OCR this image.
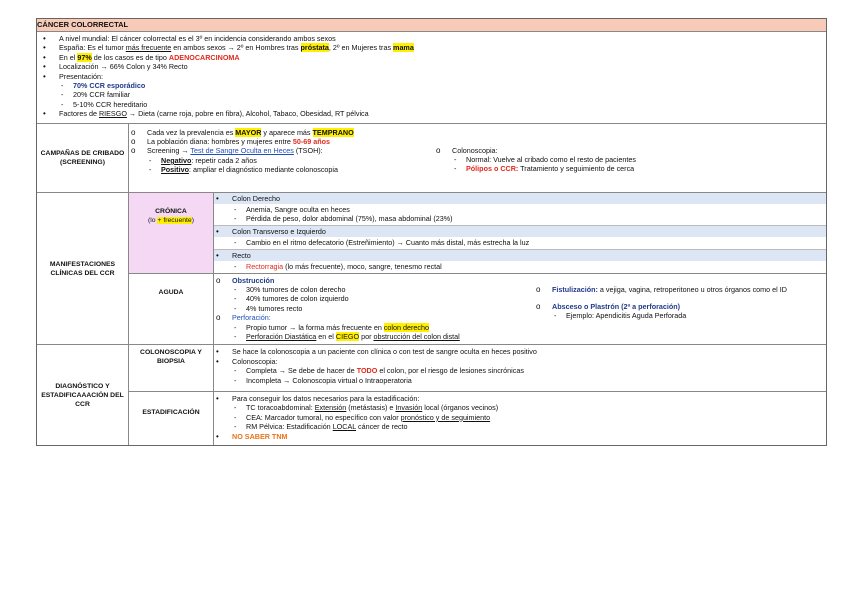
CÁNCER COLORRECTAL
•	A nivel mundial: El cáncer colorrectal es el 3º en incidencia considerando ambos sexos
•	España: Es el tumor más frecuente en ambos sexos → 2º en Hombres tras próstata, 2º en Mujeres tras mama
•	En el 97% de los casos es de tipo ADENOCARCINOMA
•	Localización → 66% Colon y 34% Recto
•	Presentación:
-	70% CCR esporádico
-	20% CCR familiar
-	5-10% CCR hereditario
•	Factores de RIESGO → Dieta (carne roja, pobre en fibra), Alcohol, Tabaco, Obesidad, RT pélvica
CAMPAÑAS DE CRIBADO (SCREENING)
o	Cada vez la prevalencia es MAYOR y aparece más TEMPRANO
o	La población diana: hombres y mujeres entre 50-69 años
o	Screening → Test de Sangre Oculta en Heces (TSOH):
-	Negativo: repetir cada 2 años
-	Positivo: ampliar el diagnóstico mediante colonoscopia
o	Colonoscopia:
-	Normal: Vuelve al cribado como el resto de pacientes
-	Pólipos o CCR: Tratamiento y seguimiento de cerca
MANIFESTACIONES CLÍNICAS DEL CCR
CRÓNICA
(lo + frecuente)
•	Colon Derecho
-	Anemia, Sangre oculta en heces
-	Pérdida de peso, dolor abdominal (75%), masa abdominal (23%)
•	Colon Transverso e Izquierdo
-	Cambio en el ritmo defecatorio (Estreñimiento) → Cuanto más distal, más estrecha la luz
•	Recto
-	Rectorragia (lo más frecuente), moco, sangre, tenesmo rectal
AGUDA
o	Obstrucción
-	30% tumores de colon derecho
-	40% tumores de colon izquierdo
-	4% tumores recto
o	Perforación:
-	Propio tumor → la forma más frecuente en colon derecho
-	Perforación Diastática en el CIEGO por obstrucción del colon distal
o	Fistulización: a vejiga, vagina, retroperitoneo u otros órganos como el ID
o	Absceso o Plastrón (2ª a perforación)
-	Ejemplo: Apendicitis Aguda Perforada
DIAGNÓSTICO Y ESTADIFICAAACIÓN DEL CCR
COLONOSCOPIA Y BIOPSIA
•	Se hace la colonoscopia a un paciente con clínica o con test de sangre oculta en heces positivo
•	Colonoscopia:
-	Completa → Se debe de hacer de TODO el colon, por el riesgo de lesiones sincrónicas
-	Incompleta → Colonoscopia virtual o Intraoperatoria
ESTADIFICACIÓN
•	Para conseguir los datos necesarios para la estadificación:
-	TC toracoabdominal: Extensión (metástasis) e Invasión local (órganos vecinos)
-	CEA: Marcador tumoral, no específico con valor pronóstico y de seguimiento
-	RM Pélvica: Estadificación LOCAL cáncer de recto
•	NO SABER TNM
